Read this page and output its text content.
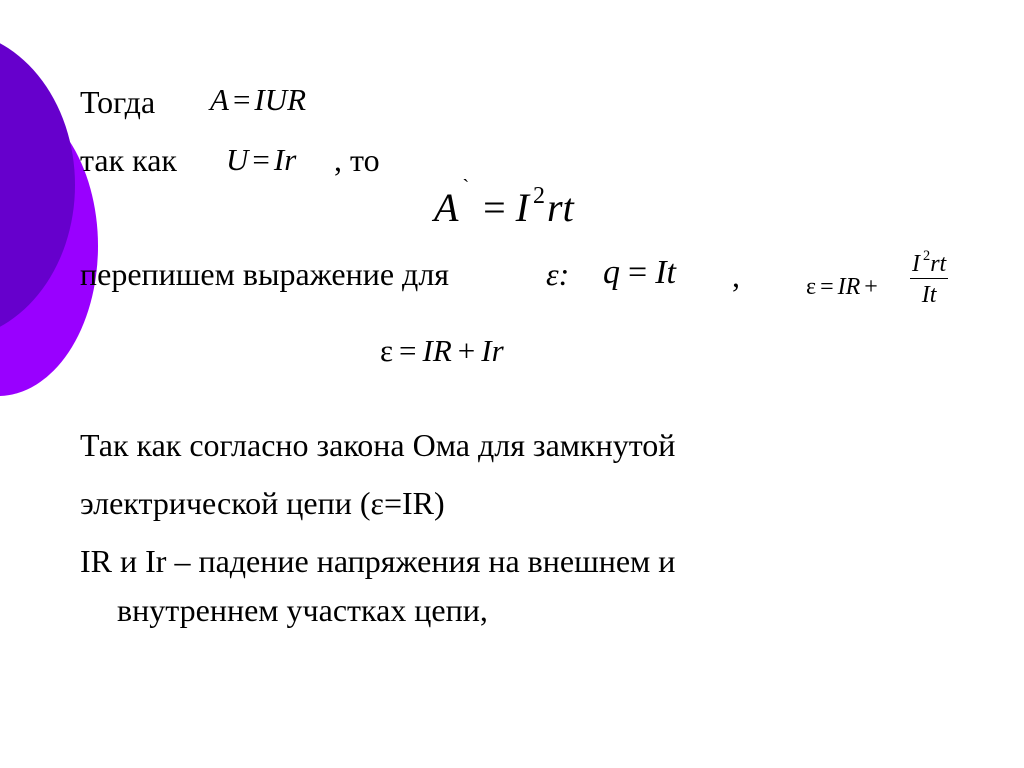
Тогда A = IUR
так как U = Ir , то
A ` = I $^2$rt
перепишем выражение для	ε: q = It ,	ε = IR + $\frac{I ^2rt}{It}$
ε = IR + Ir
Так как согласно закона Ома для замкнутой
электрической цепи (ε=IR)
IR и Ir – падение напряжения на внешнем и
внутреннем участках цепи,
